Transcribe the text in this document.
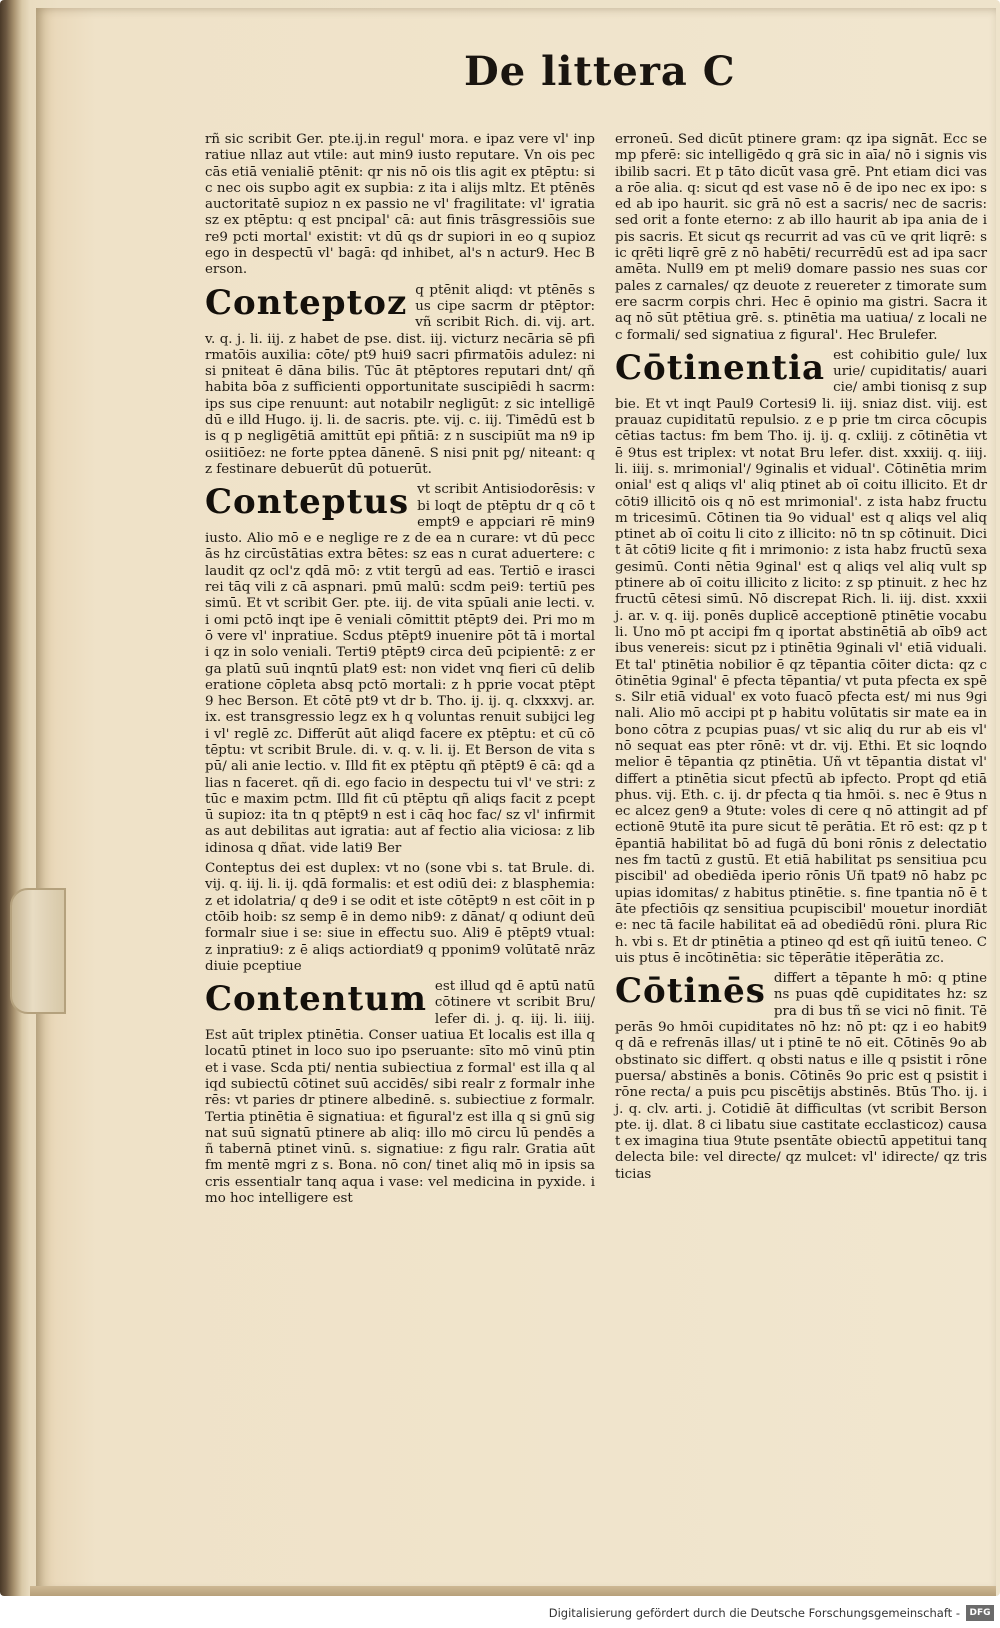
De littera C

rñ sic scribit Ger. pte.ij.in regul' mora. e ipaz vere vl' inpratiue nllaz aut vtile: aut min9 iusto reputare. Vn ois peccās etiā venialiē ptēnit: qr nis nō ois tlis agit ex ptēptu: sic nec ois supbo agit ex supbia: z ita i alijs mltz. Et ptēnēs auctoritatē supioz n ex passio ne vl' fragilitate: vl' igratia sz ex ptēptu: q est pncipal' cā: aut finis trāsgressiōis sue re9 pcti mortal' existit: vt dū qs dr supiori in eo q supioz ego in despectū vl' bagā: qd inhibet, al's n actur9. Hec Berson.

Conteptoz q ptēnit aliqd: vt ptēnēs sus cipe sacrm dr ptēptor: vñ scribit Rich. di. vij. art. v. q. j. li. iij. z habet de pse. dist. iij. victurz necāria sē pfirmatōis auxilia: cōte/ pt9 hui9 sacri pfirmatōis adulez: nisi pniteat ē dāna bilis. Tūc āt ptēptores reputari dnt/ qñ habita bōa z sufficienti opportunitate suscipiēdi h sacrm: ips sus cipe renuunt: aut notabilr negligūt: z sic intelligēdū e illd Hugo. ij. li. de sacris. pte. vij. c. iij. Timēdū est bis q p negligētiā amittūt epi pñtiā: z n suscipiūt ma n9 iposiitiōez: ne forte pptea dānenē. S nisi pnit pg/ niteant: qz festinare debuerūt dū potuerūt.

Conteptus vt scribit Antisiodorēsis: vbi loqt de ptēptu dr q cō tempt9 e appciari rē min9 iusto. Alio mō e e neglige re z de ea n curare: vt dū peccās hz circūstātias extra bētes: sz eas n curat aduertere: claudit qz ocl'z qdā mō: z vtit tergū ad eas. Tertiō e irasci rei tāq vili z cā aspnari. pmū malū: scdm pei9: tertiū pessimū. Et vt scribit Ger. pte. iij. de vita spūali anie lecti. v. i omi pctō inqt ipe ē veniali cōmittit ptēpt9 dei. Pri mo mō vere vl' inpratiue. Scdus ptēpt9 inuenire pōt tā i mortali qz in solo veniali. Terti9 ptēpt9 circa deū pcipientē: z erga platū suū inqntū plat9 est: non videt vnq fieri cū deliberatione cōpleta absq pctō mortali: z h pprie vocat ptēpt9 hec Berson. Et cōtē pt9 vt dr b. Tho. ij. ij. q. clxxxvj. ar. ix. est transgressio legz ex h q voluntas renuit subijci legi vl' reglē zc. Differūt aūt aliqd facere ex ptēptu: et cū cōtēptu: vt scribit Brule. di. v. q. v. li. ij. Et Berson de vita spū/ ali anie lectio. v. Illd fit ex ptēptu qñ ptēpt9 ē cā: qd alias n faceret. qñ di. ego facio in despectu tui vl' ve stri: z tūc e maxim pctm. Illd fit cū ptēptu qñ aliqs facit z pceptū supioz: ita tn q ptēpt9 n est i cāq hoc fac/ sz vl' infirmitas aut debilitas aut igratia: aut af fectio alia viciosa: z libidinosa q dñat. vide lati9 Ber

Conteptus dei est duplex: vt no (sone vbi s. tat Brule. di. vij. q. iij. li. ij. qdā formalis: et est odiū dei: z blasphemia: z et idolatria/ q de9 i se odit et iste cōtēpt9 n est cōit in pctōib hoib: sz semp ē in demo nib9: z dānat/ q odiunt deū formalr siue i se: siue in effectu suo. Ali9 ē ptēpt9 vtual: z inpratiu9: z ē aliqs actiordiat9 q pponim9 volūtatē nrāz diuie pceptiue

Contentum est illud qd ē aptū natū cōtinere vt scribit Bru/ lefer di. j. q. iij. li. iiij. Est aūt triplex ptinētia. Conser uatiua Et localis est illa q locatū ptinet in loco suo ipo pseruante: sīto mō vinū ptinet i vase. Scda pti/ nentia subiectiua z formal' est illa q aliqd subiectū cōtinet suū accidēs/ sibi realr z formalr inherēs: vt paries dr ptinere albedinē. s. subiectiue z formalr. Tertia ptinētia ē signatiua: et figural'z est illa q si gnū signat suū signatū ptinere ab aliq: illo mō circu lū pendēs añ tabernā ptinet vinū. s. signatiue: z figu ralr. Gratia aūt fm mentē mgri z s. Bona. nō con/ tinet aliq mō in ipsis sacris essentialr tanq aqua i vase: vel medicina in pyxide. imo hoc intelligere est

erroneū. Sed dicūt ptinere gram: qz ipa signāt. Ecc semp pferē: sic intelligēdo q grā sic in aīa/ nō i signis visibilib sacri. Et p tāto dicūt vasa grē. Pnt etiam dici vasa rōe alia. q: sicut qd est vase nō ē de ipo nec ex ipo: sed ab ipo haurit. sic grā nō est a sacris/ nec de sacris: sed orit a fonte eterno: z ab illo haurit ab ipa ania de ipis sacris. Et sicut qs recurrit ad vas cū ve qrit liqrē: sic qrēti liqrē grē z nō habēti/ recurrēdū est ad ipa sacramēta. Null9 em pt meli9 domare passio nes suas corpales z carnales/ qz deuote z reuereter z timorate sumere sacrm corpis chri. Hec ē opinio ma gistri. Sacra itaq nō sūt ptētiua grē. s. ptinētia ma uatiua/ z locali nec formali/ sed signatiua z figural'. Hec Brulefer.

Cōtinentia est cohibitio gule/ luxurie/ cupiditatis/ auaricie/ ambi tionisq z supbie. Et vt inqt Paul9 Cortesi9 li. iij. sniaz dist. viij. est prauaz cupiditatū repulsio. z e p prie tm circa cōcupiscētias tactus: fm bem Tho. ij. ij. q. cxliij. z cōtinētia vt ē 9tus est triplex: vt notat Bru lefer. dist. xxxiij. q. iiij. li. iiij. s. mrimonial'/ 9ginalis et vidual'. Cōtinētia mrimonial' est q aliqs vl' aliq ptinet ab oī coitu illicito. Et dr cōti9 illicitō ois q nō est mrimonial'. z ista habz fructum tricesimū. Cōtinen tia 9o vidual' est q aliqs vel aliq ptinet ab oī coitu li cito z illicito: nō tn sp cōtinuit. Dicit āt cōti9 licite q fit i mrimonio: z ista habz fructū sexagesimū. Conti nētia 9ginal' est q aliqs vel aliq vult sp ptinere ab oī coitu illicito z licito: z sp ptinuit. z hec hz fructū cētesi simū. Nō discrepat Rich. li. iij. dist. xxxiij. ar. v. q. iij. ponēs duplicē acceptionē ptinētie vocabuli. Uno mō pt accipi fm q iportat abstinētiā ab oīb9 actibus venereis: sicut pz i ptinētia 9ginali vl' etiā viduali. Et tal' ptinētia nobilior ē qz tēpantia cōiter dicta: qz cōtinētia 9ginal' ē pfecta tēpantia/ vt puta pfecta ex spēs. Silr etiā vidual' ex voto fuacō pfecta est/ mi nus 9ginali. Alio mō accipi pt p habitu volūtatis sir mate ea in bono cōtra z pcupias puas/ vt sic aliq du rur ab eis vl' nō sequat eas pter rōnē: vt dr. vij. Ethi. Et sic loqndo melior ē tēpantia qz ptinētia. Uñ vt tēpantia distat vl' differt a ptinētia sicut pfectū ab ipfecto. Propt qd etiā phus. vij. Eth. c. ij. dr pfecta q tia hmōi. s. nec ē 9tus nec alcez gen9 a 9tute: voles di cere q nō attingit ad pfectionē 9tutē ita pure sicut tē perātia. Et rō est: qz p tēpantiā habilitat bō ad fugā dū boni rōnis z delectationes fm tactū z gustū. Et etiā habilitat ps sensitiua pcupiscibil' ad obediēda iperio rōnis Uñ tpat9 nō habz pcupias idomitas/ z habitus ptinētie. s. fine tpantia nō ē tāte pfectiōis qz sensitiua pcupiscibil' mouetur inordiāte: nec tā facile habilitat eā ad obediēdū rōni. plura Rich. vbi s. Et dr ptinētia a ptineo qd est qñ iuitū teneo. Cuis ptus ē incōtinētia: sic tēperātie itēperātia zc.

Cōtinēs differt a tēpante h mō: q ptinens puas qdē cupiditates hz: sz pra di bus tñ se vici nō finit. Tēperās 9o hmōi cupiditates nō hz: nō pt: qz i eo habit9 q dā e refrenās illas/ ut i ptinē te nō eit. Cōtinēs 9o ab obstinato sic differt. q obsti natus e ille q psistit i rōne puersa/ abstinēs a bonis. Cōtinēs 9o pric est q psistit i rōne recta/ a puis pcu piscētijs abstinēs. Btūs Tho. ij. ij. q. clv. arti. j. Cotidiē āt difficultas (vt scribit Berson pte. ij. dlat. 8 ci libatu siue castitate ecclasticoz) causat ex imagina tiua 9tute psentāte obiectū appetitui tanq delecta bile: vel directe/ qz mulcet: vl' idirecte/ qz tristicias

Digitalisierung gefördert durch die Deutsche Forschungsgemeinschaft -	DFG
